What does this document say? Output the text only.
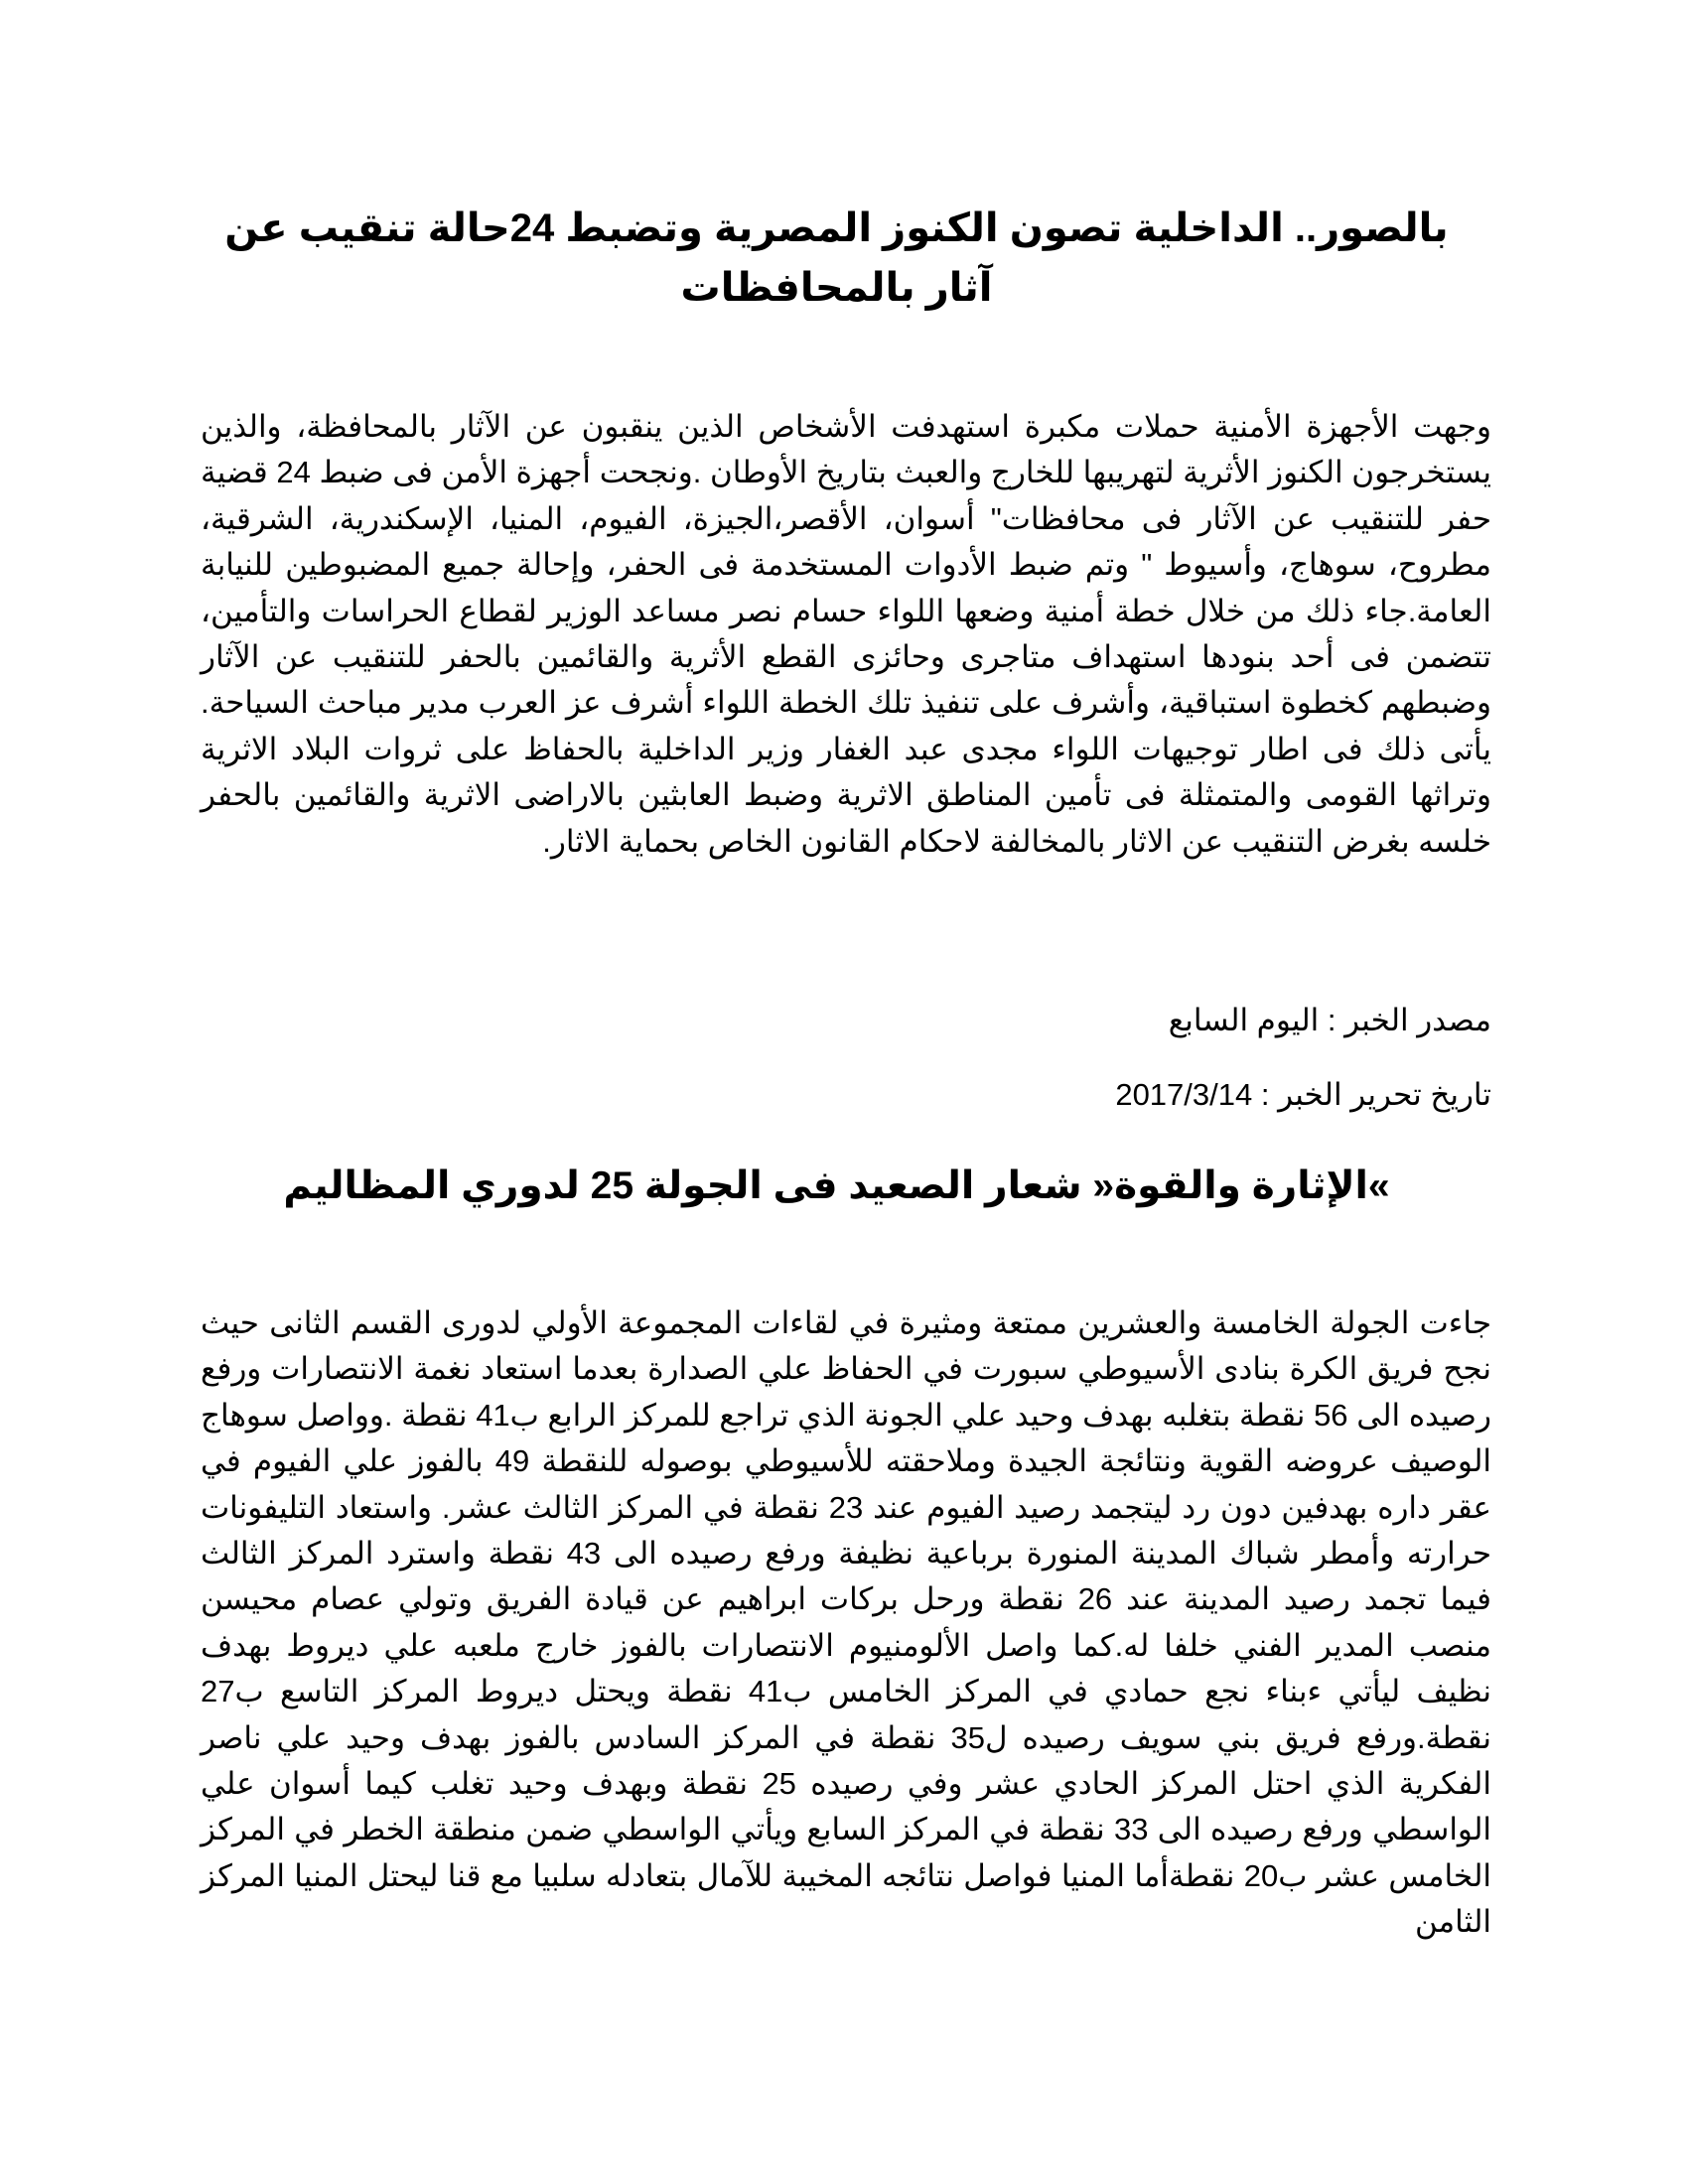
بالصور.. الداخلية تصون الكنوز المصرية وتضبط 24حالة تنقيب عن آثار بالمحافظات

وجهت الأجهزة الأمنية حملات مكبرة استهدفت الأشخاص الذين ينقبون عن الآثار بالمحافظة، والذين يستخرجون الكنوز الأثرية لتهريبها للخارج والعبث بتاريخ الأوطان .ونجحت أجهزة الأمن فى ضبط 24 قضية حفر للتنقيب عن الآثار فى محافظات" أسوان، الأقصر،الجيزة، الفيوم، المنيا، الإسكندرية، الشرقية، مطروح، سوهاج، وأسيوط " وتم ضبط الأدوات المستخدمة فى الحفر، وإحالة جميع المضبوطين للنيابة العامة.جاء ذلك من خلال خطة أمنية وضعها اللواء حسام نصر مساعد الوزير لقطاع الحراسات والتأمين، تتضمن فى أحد بنودها استهداف متاجرى وحائزى القطع الأثرية والقائمين بالحفر للتنقيب عن الآثار وضبطهم كخطوة استباقية، وأشرف على تنفيذ تلك الخطة اللواء أشرف عز العرب مدير مباحث السياحة. يأتى ذلك فى اطار توجيهات اللواء مجدى عبد الغفار وزير الداخلية بالحفاظ على ثروات البلاد الاثرية وتراثها القومى والمتمثلة فى تأمين المناطق الاثرية وضبط العابثين بالاراضى الاثرية والقائمين بالحفر خلسه بغرض التنقيب عن الاثار بالمخالفة لاحكام القانون الخاص بحماية الاثار.

مصدر الخبر : اليوم السابع

تاريخ تحرير الخبر : 2017/3/14

»الإثارة والقوة« شعار الصعيد فى الجولة 25 لدوري المظاليم

جاءت الجولة الخامسة والعشرين ممتعة ومثيرة في لقاءات المجموعة الأولي لدورى القسم الثانى حيث نجح فريق الكرة بنادى الأسيوطي سبورت في الحفاظ علي الصدارة بعدما استعاد نغمة الانتصارات ورفع رصيده الى 56 نقطة بتغلبه بهدف وحيد علي الجونة الذي تراجع للمركز الرابع ب41 نقطة .وواصل سوهاج الوصيف عروضه القوية ونتائجة الجيدة وملاحقته للأسيوطي بوصوله للنقطة 49 بالفوز علي الفيوم في عقر داره بهدفين دون رد ليتجمد رصيد الفيوم عند 23 نقطة في المركز الثالث عشر. واستعاد التليفونات حرارته وأمطر شباك المدينة المنورة برباعية نظيفة ورفع رصيده الى 43 نقطة واسترد المركز الثالث فيما تجمد رصيد المدينة عند 26 نقطة ورحل بركات ابراهيم عن قيادة الفريق وتولي عصام محيسن منصب المدير الفني خلفا له.كما واصل الألومنيوم الانتصارات بالفوز خارج ملعبه علي ديروط بهدف نظيف ليأتي ءبناء نجع حمادي في المركز الخامس ب41 نقطة ويحتل ديروط المركز التاسع ب27 نقطة.ورفع فريق بني سويف رصيده ل35 نقطة في المركز السادس بالفوز بهدف وحيد علي ناصر الفكرية الذي احتل المركز الحادي عشر وفي رصيده 25 نقطة وبهدف وحيد تغلب كيما أسوان علي الواسطي ورفع رصيده الى 33 نقطة في المركز السابع ويأتي الواسطي ضمن منطقة الخطر في المركز الخامس عشر ب20 نقطةأما المنيا فواصل نتائجه المخيبة للآمال بتعادله سلبيا مع قنا ليحتل المنيا المركز الثامن
